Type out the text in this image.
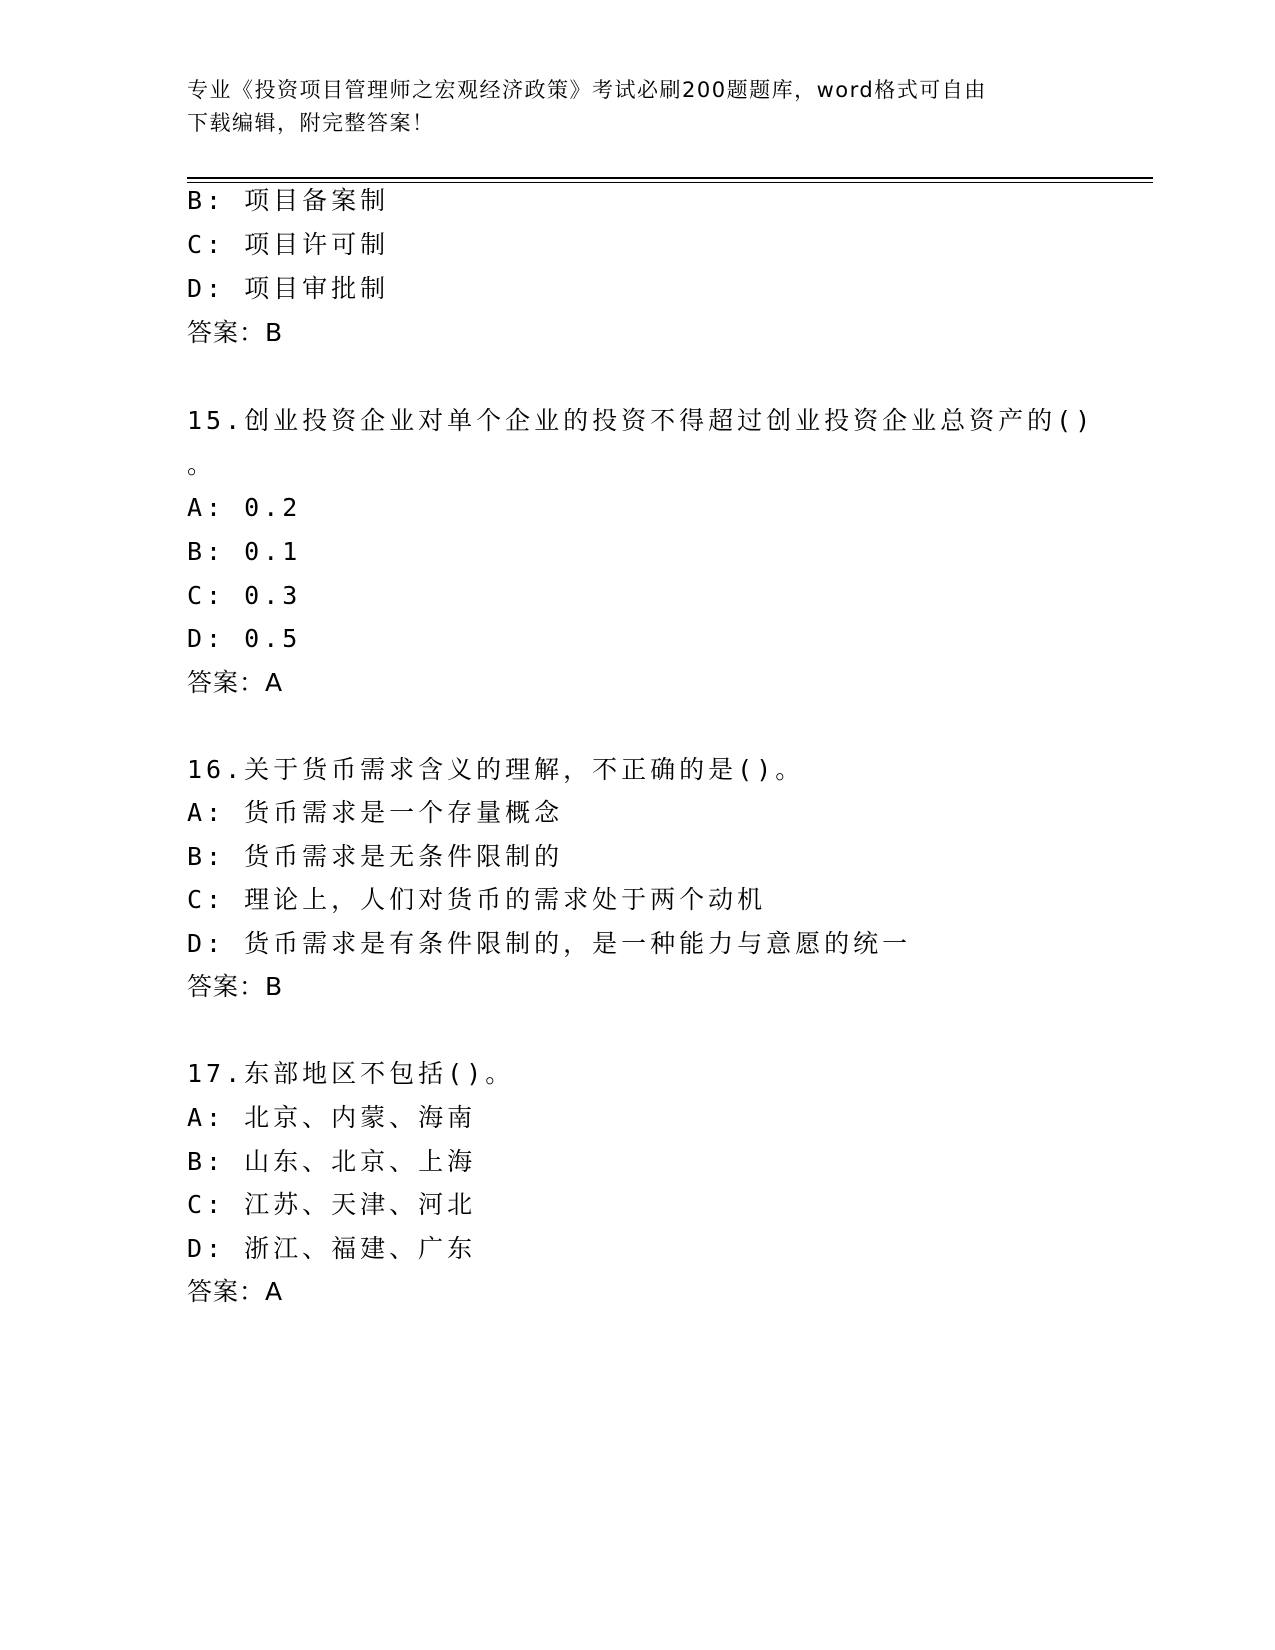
专业《投资项目管理师之宏观经济政策》考试必刷200题题库，word格式可自由
下载编辑，附完整答案！
B: 项目备案制
C: 项目许可制
D: 项目审批制
答案：B
15.创业投资企业对单个企业的投资不得超过创业投资企业总资产的()
。
A: 0.2
B: 0.1
C: 0.3
D: 0.5
答案：A
16.关于货币需求含义的理解，不正确的是()。
A: 货币需求是一个存量概念
B: 货币需求是无条件限制的
C: 理论上，人们对货币的需求处于两个动机
D: 货币需求是有条件限制的，是一种能力与意愿的统一
答案：B
17.东部地区不包括()。
A: 北京、内蒙、海南
B: 山东、北京、上海
C: 江苏、天津、河北
D: 浙江、福建、广东
答案：A
